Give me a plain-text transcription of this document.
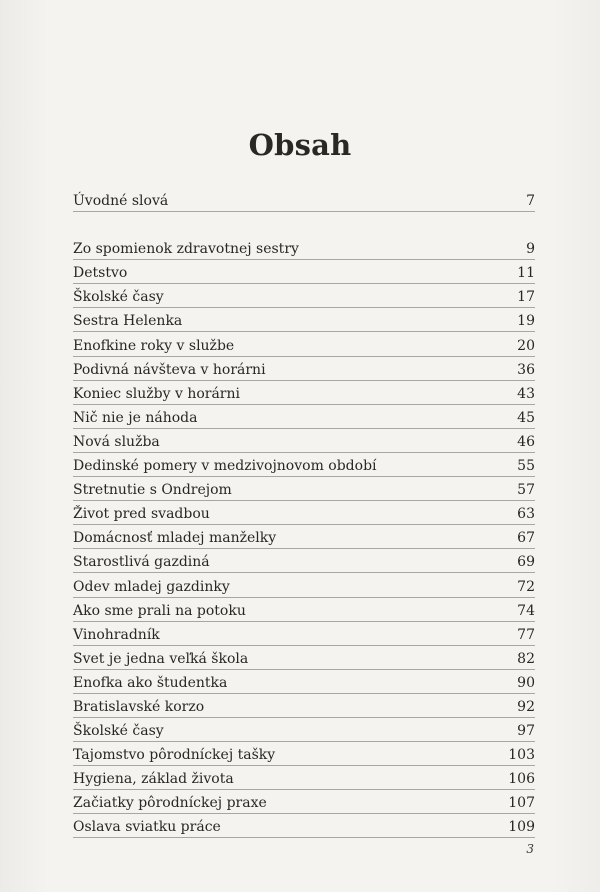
Obsah
Úvodné slová	7
Zo spomienok zdravotnej sestry	9
Detstvo	11
Školské časy	17
Sestra Helenka	19
Enofkine roky v službe	20
Podivná návšteva v horárni	36
Koniec služby v horárni	43
Nič nie je náhoda	45
Nová služba	46
Dedinské pomery v medzivojnovom období	55
Stretnutie s Ondrejom	57
Život pred svadbou	63
Domácnosť mladej manželky	67
Starostlivá gazdiná	69
Odev mladej gazdinky	72
Ako sme prali na potoku	74
Vinohradník	77
Svet je jedna veľká škola	82
Enofka ako študentka	90
Bratislavské korzo	92
Školské časy	97
Tajomstvo pôrodníckej tašky	103
Hygiena, základ života	106
Začiatky pôrodníckej praxe	107
Oslava sviatku práce	109
3
